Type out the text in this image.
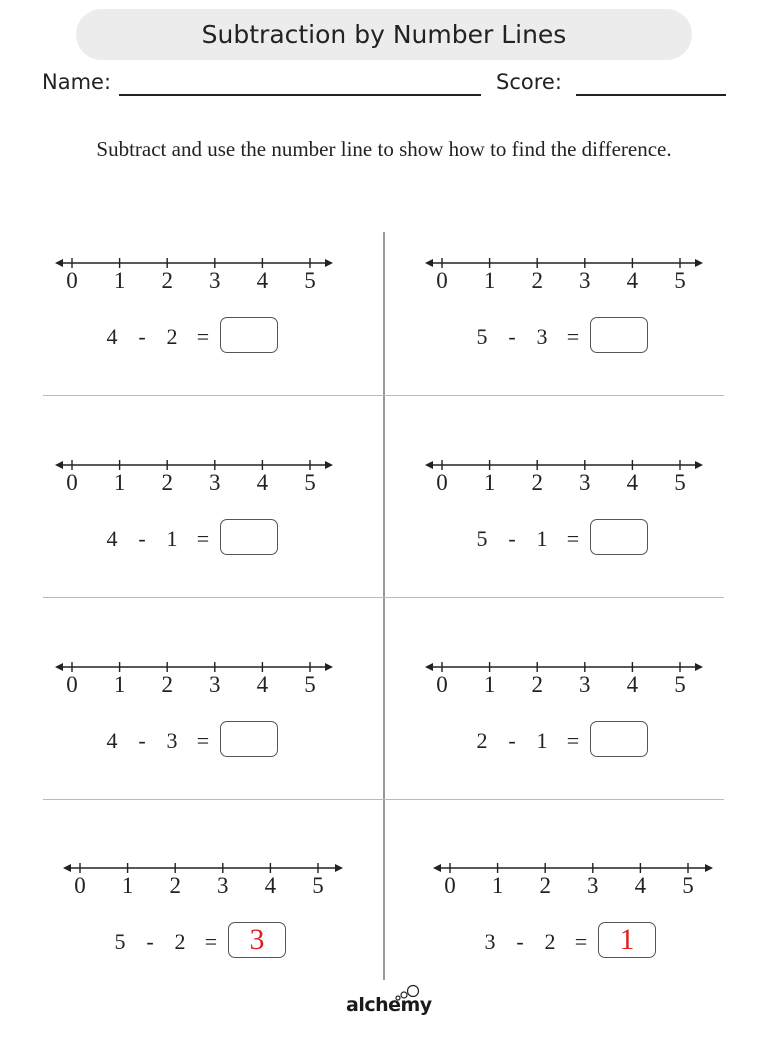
Subtraction by Number Lines
Name:	Score:
Subtract and use the number line to show how to find the difference.
0 1 2 3 4 5
4 - 2 =
0 1 2 3 4 5
5 - 3 =
0 1 2 3 4 5
4 - 1 =
0 1 2 3 4 5
5 - 1 =
0 1 2 3 4 5
4 - 3 =
0 1 2 3 4 5
2 - 1 =
0 1 2 3 4 5
5 - 2 =	3
0 1 2 3 4 5
3 - 2 =	1
alchemy
